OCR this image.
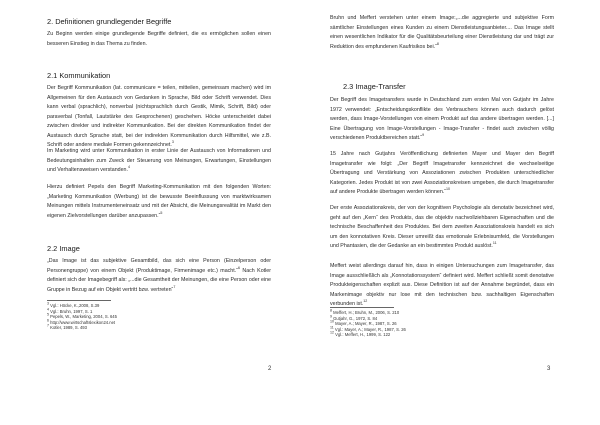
2. Definitionen grundlegender Begriffe

Zu Beginn werden einige grundlegende Begriffe definiert, die es ermöglichen sollen einen besseren Einstieg in das Thema zu finden.

2.1 Kommunikation

Der Begriff Kommunikation (lat. communicare = teilen, mitteilen, gemeinsam machen) wird im Allgemeinen für den Austausch von Gedanken in Sprache, Bild oder Schrift verwendet. Dies kann verbal (sprachlich), nonverbal (nichtsprachlich durch Gestik, Mimik, Schrift, Bild) oder paraverbal (Tonfall, Lautstärke des Gesprochenen) geschehen. Höcke unterscheidet dabei zwischen direkter und indirekter Kommunikation. Bei der direkten Kommunikation findet der Austausch durch Sprache statt, bei der indirekten Kommunikation durch Hilfsmittel, wie z.B. Schrift oder andere mediale Formen gekennzeichnet.$^3$

Im Marketing wird unter Kommunikation in erster Linie der Austausch von Informationen und Bedeutungsinhalten zum Zweck der Steuerung von Meinungen, Erwartungen, Einstellungen und Verhaltensweisen verstanden.$^4$

Hierzu definiert Pepels den Begriff Marketing-Kommunikation mit den folgenden Worten: „Marketing Kommunikation (Werbung) ist die bewusste Beeinflussung von marktwirksamen Meinungen mittels Instrumenteneinsatz und mit der Absicht, die Meinungsrealität im Markt den eigenen Zielvorstellungen darüber anzupassen.“$^5$

2.2 Image

„Das Image ist das subjektive Gesamtbild, das sich eine Person (Einzelperson oder Personengruppe) von einem Objekt (Produktimage, Firmenimage etc.) macht.“$^6$ Nach Kotler definiert sich der Imagebegriff als: „...die Gesamtheit der Meinungen, die eine Person oder eine Gruppe in Bezug auf ein Objekt vertritt bzw. vertreten“$^7$

$^3$ Vgl.: Höcke, K.,2008, S.39

$^4$ Vgl.: Bruhn, 1997, S. 1

$^5$ Pepels, W., Marketing, 2004, S. 645

$^6$ http://www.wirtschaftslexikon24.net

$^7$ Kotler, 1989, S. 493

2

Bruhn und Meffert verstehen unter einem Image:„...die aggregierte und subjektive Form sämtlicher Einstellungen eines Kunden zu einem Dienstleistungsanbieter.... Das Image stellt einen wesentlichen Indikator für die Qualitätsbeurteilung einer Dienstleistung dar und trägt zur Reduktion des empfundenen Kaufrisikos bei.“$^8$

2.3 Image-Transfer

Der Begriff des Imagetransfers wurde in Deutschland zum ersten Mal von Gutjahr im Jahre 1972 verwendet: „Entscheidungskonflikte des Verbrauchers können auch dadurch gelöst werden, dass Image-Vorstellungen von einem Produkt auf das andere übertragen werden. [...] Eine Übertragung von Image-Vorstellungen - Image-Transfer - findet auch zwischen völlig verschiedenen Produktbereichen statt.“$^9$

15 Jahre nach Gutjahrs Veröffentlichung definierten Mayer und Mayer den Begriff Imagetransfer wie folgt: „Der Begriff Imagetransfer kennzeichnet die wechselseitige Übertragung und Verstärkung von Assoziationen zwischen Produkten unterschiedlicher Kategorien. Jedes Produkt ist von zwei Assoziationskreisen umgeben, die durch Imagetransfer auf andere Produkte übertragen werden können.“$^{10}$

Der erste Assoziationskreis, der von der kognitiven Psychologie als denotativ bezeichnet wird, geht auf den „Kern“ des Produkts, das die objektiv nachvollziehbaren Eigenschaften und die technische Beschaffenheit des Produktes. Bei dem zweiten Assoziationskreis handelt es sich um den konnotativen Kreis. Dieser umreißt das emotionale Erlebnisumfeld, die Vorstellungen und Phantasien, die der Gedanke an ein bestimmtes Produkt auslöst.$^{11}$

Meffert weist allerdings darauf hin, dass in einigen Untersuchungen zum Imagetransfer, das Image ausschließlich als „Konnotationssystem“ definiert wird. Meffert schließt somit denotative Produkteigenschaften explizit aus. Diese Definition ist auf der Annahme begründet, dass ein Markenimage objektiv nur lose mit den technischen bzw. sachhaltigen Eigenschaften verbunden ist.$^{12}$

$^8$ Meffert, H.; Bruhn, M., 2006, S. 210

$^9$ Gutjahr, G., 1972, S. 84

$^{10}$ Mayer, A.; Mayer, R., 1987, S. 26

$^{11}$ Vgl.: Mayer, A.; Mayer, R., 1987, S. 26

$^{12}$ Vgl.: Meffert, H., 1999, S. 122

3
